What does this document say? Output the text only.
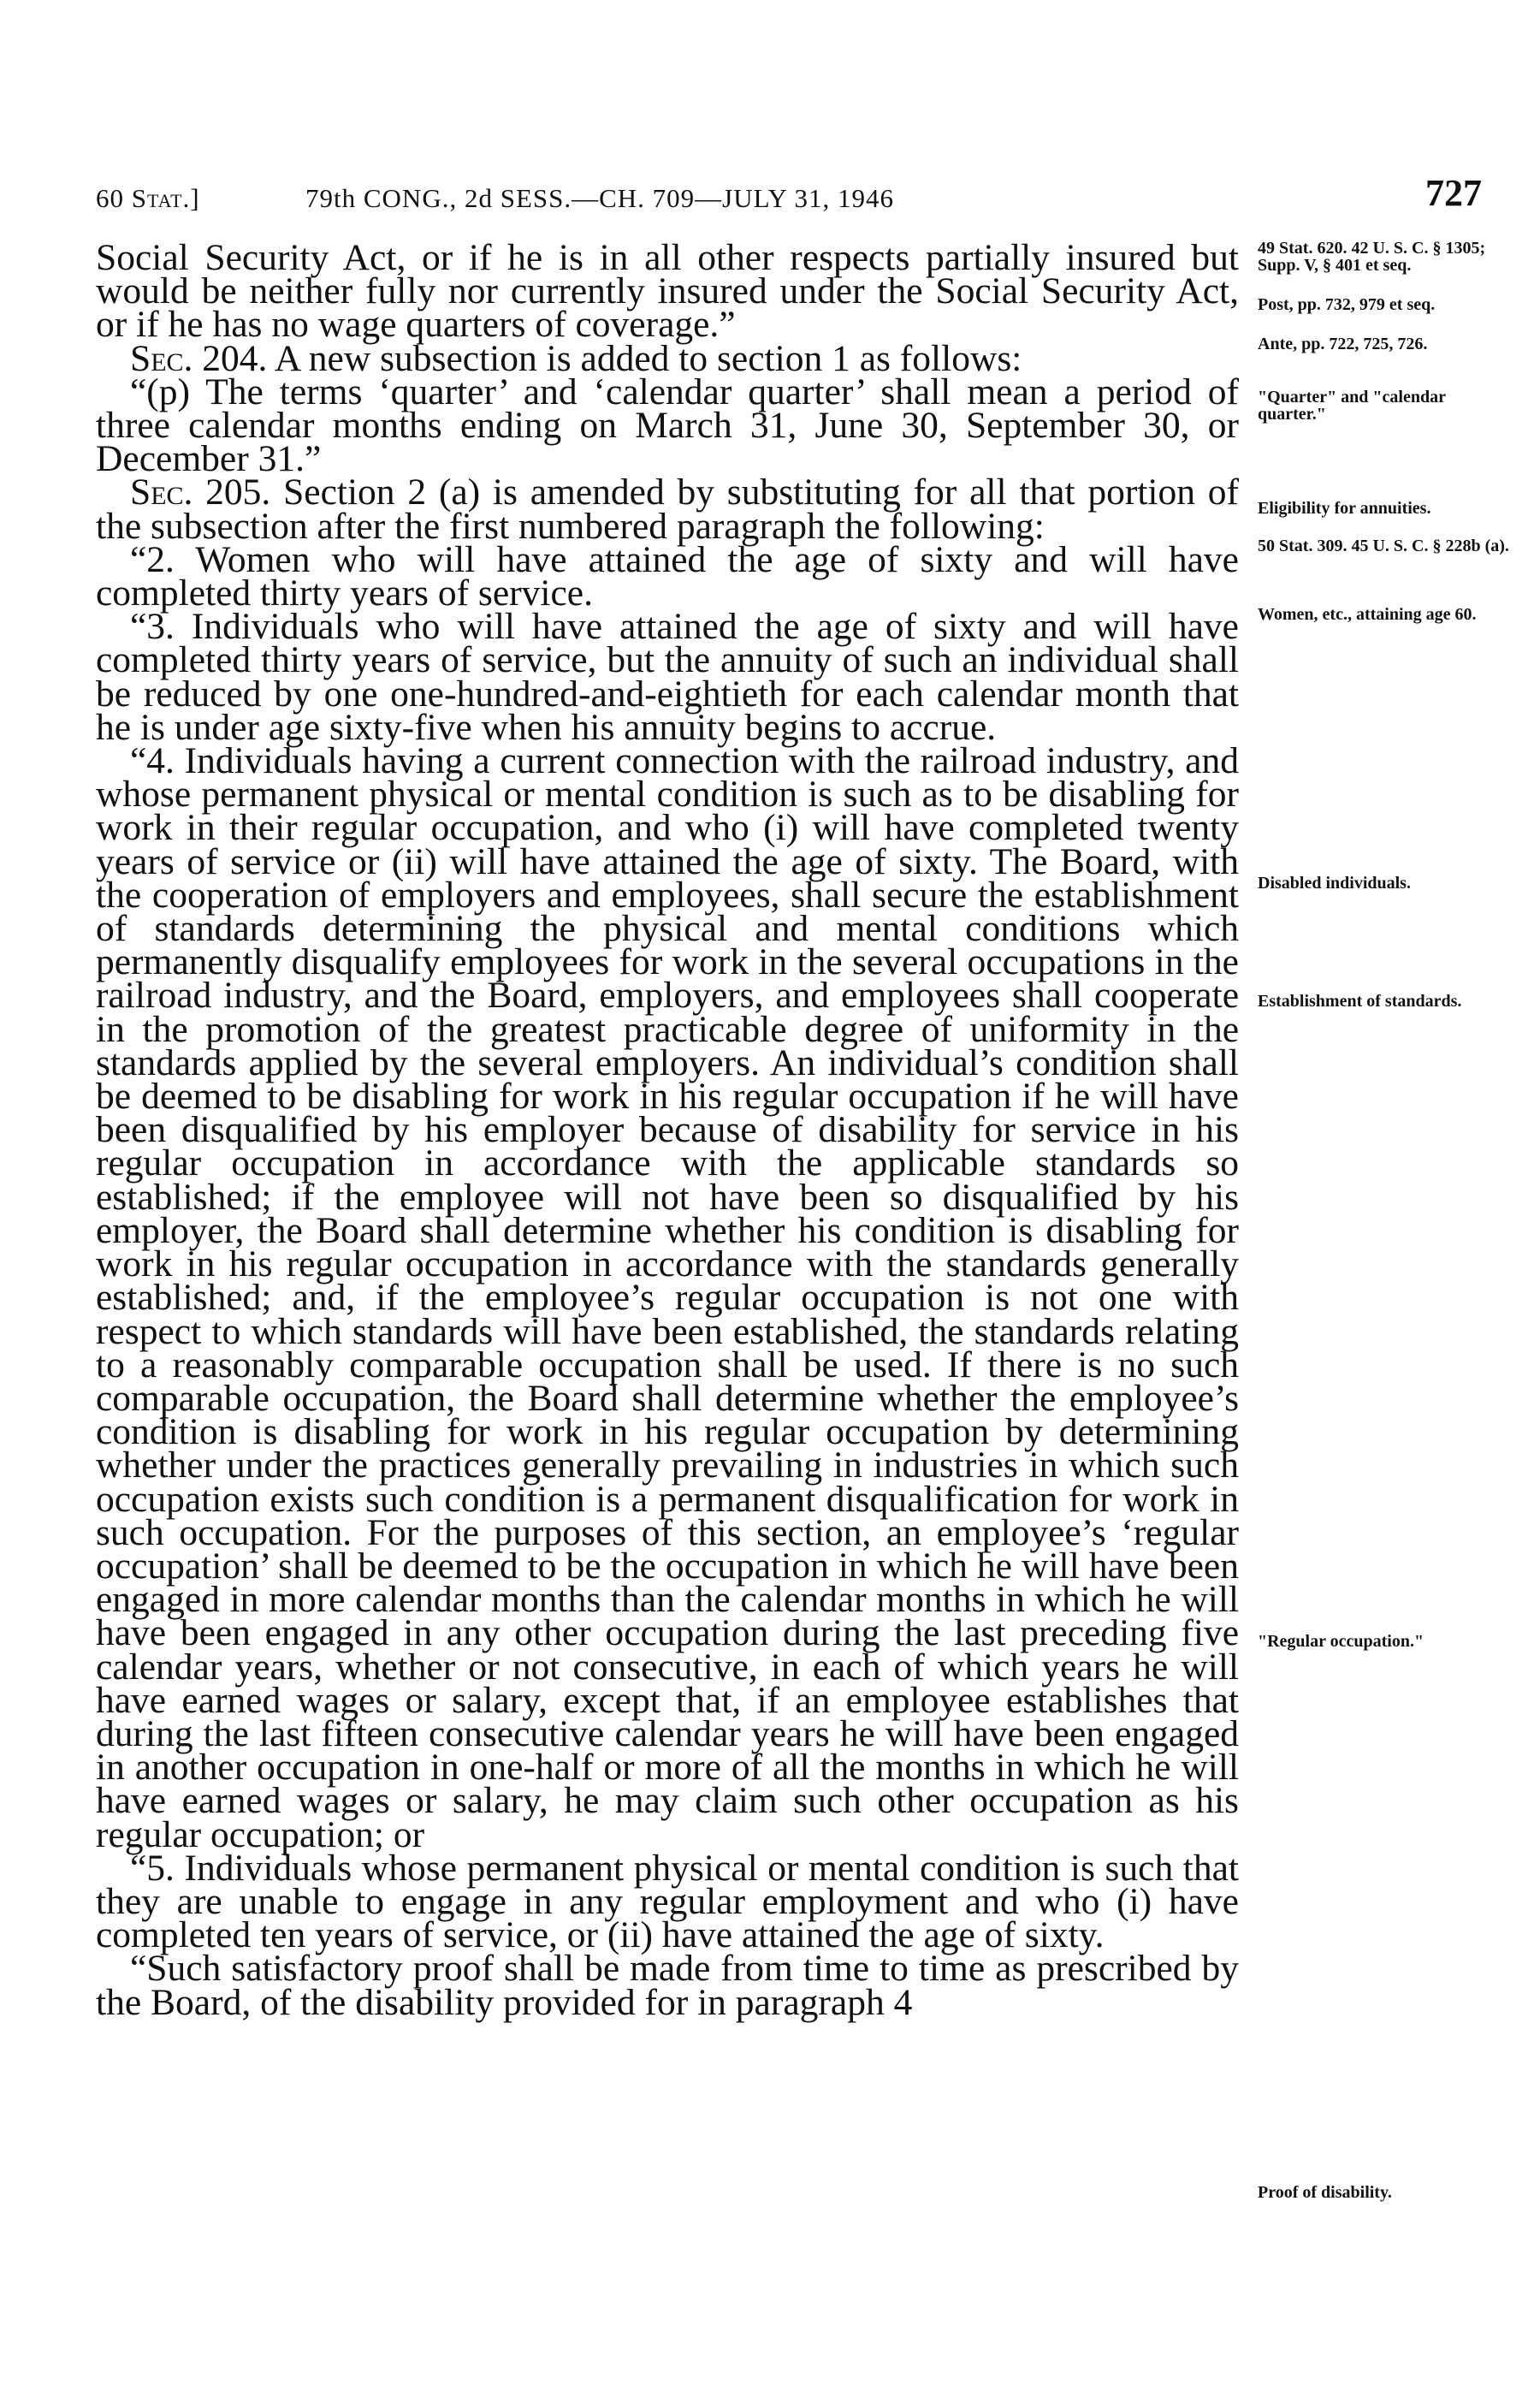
60 Stat.]	79th CONG., 2d SESS.—CH. 709—JULY 31, 1946	727

Social Security Act, or if he is in all other respects partially insured but would be neither fully nor currently insured under the Social Security Act, or if he has no wage quarters of coverage.”

Sec. 204. A new subsection is added to section 1 as follows:

“(p) The terms ‘quarter’ and ‘calendar quarter’ shall mean a period of three calendar months ending on March 31, June 30, September 30, or December 31.”

Sec. 205. Section 2 (a) is amended by substituting for all that portion of the subsection after the first numbered paragraph the following:

“2. Women who will have attained the age of sixty and will have completed thirty years of service.

“3. Individuals who will have attained the age of sixty and will have completed thirty years of service, but the annuity of such an individual shall be reduced by one one-hundred-and-eightieth for each calendar month that he is under age sixty-five when his annuity begins to accrue.

“4. Individuals having a current connection with the railroad industry, and whose permanent physical or mental condition is such as to be disabling for work in their regular occupation, and who (i) will have completed twenty years of service or (ii) will have attained the age of sixty. The Board, with the cooperation of employers and employees, shall secure the establishment of standards determining the physical and mental conditions which permanently disqualify employees for work in the several occupations in the railroad industry, and the Board, employers, and employees shall cooperate in the promotion of the greatest practicable degree of uniformity in the standards applied by the several employers. An individual’s condition shall be deemed to be disabling for work in his regular occupation if he will have been disqualified by his employer because of disability for service in his regular occupation in accordance with the applicable standards so established; if the employee will not have been so disqualified by his employer, the Board shall determine whether his condition is disabling for work in his regular occupation in accordance with the standards generally established; and, if the employee’s regular occupation is not one with respect to which standards will have been established, the standards relating to a reasonably comparable occupation shall be used. If there is no such comparable occupation, the Board shall determine whether the employee’s condition is disabling for work in his regular occupation by determining whether under the practices generally prevailing in industries in which such occupation exists such condition is a permanent disqualification for work in such occupation. For the purposes of this section, an employee’s ‘regular occupation’ shall be deemed to be the occupation in which he will have been engaged in more calendar months than the calendar months in which he will have been engaged in any other occupation during the last preceding five calendar years, whether or not consecutive, in each of which years he will have earned wages or salary, except that, if an employee establishes that during the last fifteen consecutive calendar years he will have been engaged in another occupation in one-half or more of all the months in which he will have earned wages or salary, he may claim such other occupation as his regular occupation; or

“5. Individuals whose permanent physical or mental condition is such that they are unable to engage in any regular employment and who (i) have completed ten years of service, or (ii) have attained the age of sixty.

“Such satisfactory proof shall be made from time to time as prescribed by the Board, of the disability provided for in paragraph 4

49 Stat. 620. 42 U. S. C. § 1305; Supp. V, § 401 et seq.
Post, pp. 732, 979 et seq.
Ante, pp. 722, 725, 726.
"Quarter" and "calendar quarter."
Eligibility for annuities.
50 Stat. 309. 45 U. S. C. § 228b (a).
Women, etc., attaining age 60.
Disabled individuals.
Establishment of standards.
"Regular occupation."
Proof of disability.
